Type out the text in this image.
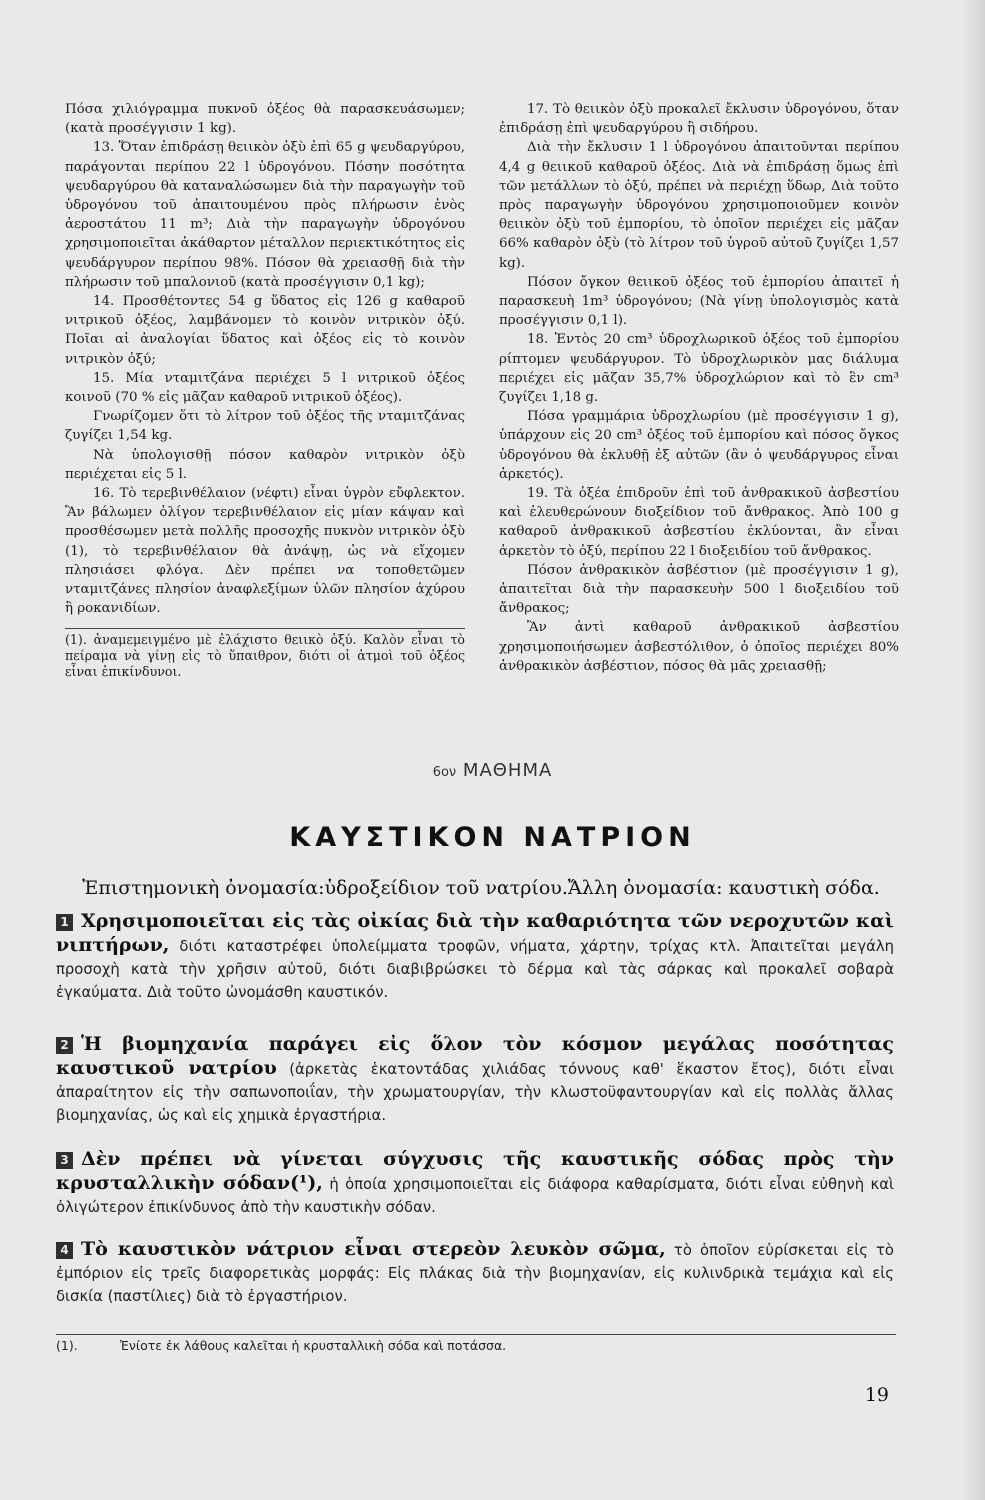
Πόσα χιλιόγραμμα πυκνοῦ ὀξέος θὰ παρασκευάσωμεν; (κατὰ προσέγγισιν 1 kg).

13. Ὅταν ἐπιδράσῃ θειικὸν ὀξὺ ἐπὶ 65 g ψευδαργύρου, παράγονται περίπου 22 l ὑδρογόνου. Πόσην ποσότητα ψευδαργύρου θὰ καταναλώσωμεν διὰ τὴν παραγωγὴν τοῦ ὑδρογόνου τοῦ ἀπαιτουμένου πρὸς πλήρωσιν ἑνὸς ἀεροστάτου 11 m³; Διὰ τὴν παραγωγὴν ὑδρογόνου χρησιμοποιεῖται ἀκάθαρτον μέταλλον περιεκτικότητος εἰς ψευδάργυρον περίπου 98%. Πόσον θὰ χρειασθῇ διὰ τὴν πλήρωσιν τοῦ μπαλονιοῦ (κατὰ προσέγγισιν 0,1 kg);

14. Προσθέτοντες 54 g ὕδατος εἰς 126 g καθαροῦ νιτρικοῦ ὀξέος, λαμβάνομεν τὸ κοινὸν νιτρικὸν ὀξύ. Ποῖαι αἱ ἀναλογίαι ὕδατος καὶ ὀξέος εἰς τὸ κοινὸν νιτρικὸν ὀξύ;

15. Μία νταμιτζάνα περιέχει 5 l νιτρικοῦ ὀξέος κοινοῦ (70 % εἰς μᾶζαν καθαροῦ νιτρικοῦ ὀξέος).

Γνωρίζομεν ὅτι τὸ λίτρον τοῦ ὀξέος τῆς νταμιτζάνας ζυγίζει 1,54 kg.

Νὰ ὑπολογισθῇ πόσον καθαρὸν νιτρικὸν ὀξὺ περιέχεται εἰς 5 l.

16. Τὸ τερεβινθέλαιον (νέφτι) εἶναι ὑγρὸν εὔφλεκτον. Ἂν βάλωμεν ὀλίγον τερεβινθέλαιον εἰς μίαν κάψαν καὶ προσθέσωμεν μετὰ πολλῆς προσοχῆς πυκνὸν νιτρικὸν ὀξὺ (1), τὸ τερεβινθέλαιον θὰ ἀνάψῃ, ὡς νὰ εἴχομεν πλησιάσει φλόγα. Δὲν πρέπει να τοποθετῶμεν νταμιτζάνες πλησίον ἀναφλεξίμων ὑλῶν πλησίον ἀχύρου ἢ ροκανιδίων.

(1). ἀναμεμειγμένο μὲ ἐλάχιστο θειικὸ ὀξύ. Καλὸν εἶναι τὸ πείραμα νὰ γίνῃ εἰς τὸ ὕπαιθρον, διότι οἱ ἀτμοὶ τοῦ ὀξέος εἶναι ἐπικίνδυνοι.

17. Τὸ θειικὸν ὀξὺ προκαλεῖ ἔκλυσιν ὑδρογόνου, ὅταν ἐπιδράσῃ ἐπὶ ψευδαργύρου ἢ σιδήρου.

Διὰ τὴν ἔκλυσιν 1 l ὑδρογόνου ἀπαιτοῦνται περίπου 4,4 g θειικοῦ καθαροῦ ὀξέος. Διὰ νὰ ἐπιδράσῃ ὅμως ἐπὶ τῶν μετάλλων τὸ ὀξύ, πρέπει νὰ περιέχῃ ὕδωρ, Διὰ τοῦτο πρὸς παραγωγὴν ὑδρογόνου χρησιμοποιοῦμεν κοινὸν θειικὸν ὀξὺ τοῦ ἐμπορίου, τὸ ὁποῖον περιέχει εἰς μᾶζαν 66% καθαρὸν ὀξὺ (τὸ λίτρον τοῦ ὑγροῦ αὐτοῦ ζυγίζει 1,57 kg).

Πόσον ὄγκον θειικοῦ ὀξέος τοῦ ἐμπορίου ἀπαιτεῖ ἡ παρασκευὴ 1m³ ὑδρογόνου; (Νὰ γίνῃ ὑπολογισμὸς κατὰ προσέγγισιν 0,1 l).

18. Ἐντὸς 20 cm³ ὑδροχλωρικοῦ ὀξέος τοῦ ἐμπορίου ρίπτομεν ψευδάργυρον. Τὸ ὑδροχλωρικὸν μας διάλυμα περιέχει εἰς μᾶζαν 35,7% ὑδροχλώριον καὶ τὸ ἓν cm³ ζυγίζει 1,18 g.

Πόσα γραμμάρια ὑδροχλωρίου (μὲ προσέγγισιν 1 g), ὑπάρχουν εἰς 20 cm³ ὀξέος τοῦ ἐμπορίου καὶ πόσος ὄγκος ὑδρογόνου θὰ ἐκλυθῇ ἐξ αὐτῶν (ἂν ὁ ψευδάργυρος εἶναι ἀρκετός).

19. Τὰ ὀξέα ἐπιδροῦν ἐπὶ τοῦ ἀνθρακικοῦ ἀσβεστίου καὶ ἐλευθερώνουν διοξείδιον τοῦ ἄνθρακος. Ἀπὸ 100 g καθαροῦ ἀνθρακικοῦ ἀσβεστίου ἐκλύονται, ἂν εἶναι ἀρκετὸν τὸ ὀξύ, περίπου 22 l διοξειδίου τοῦ ἄνθρακος.

Πόσον ἀνθρακικὸν ἀσβέστιον (μὲ προσέγγισιν 1 g), ἀπαιτεῖται διὰ τὴν παρασκευὴν 500 l διοξειδίου τοῦ ἄνθρακος;

Ἂν ἀντὶ καθαροῦ ἀνθρακικοῦ ἀσβεστίου χρησιμοποιήσωμεν ἀσβεστόλιθον, ὁ ὁποῖος περιέχει 80% ἀνθρακικὸν ἀσβέστιον, πόσος θὰ μᾶς χρειασθῇ;

6ον ΜΑΘΗΜΑ
ΚΑΥΣΤΙΚΟΝ ΝΑΤΡΙΟΝ
Ἐπιστημονικὴ ὀνομασία:ὑδροξείδιον τοῦ νατρίου.Ἄλλη ὀνομασία: καυστικὴ σόδα.
1 Χρησιμοποιεῖται εἰς τὰς οἰκίας διὰ τὴν καθαριότητα τῶν νεροχυτῶν καὶ νιπτήρων, διότι καταστρέφει ὑπολείμματα τροφῶν, νήματα, χάρτην, τρίχας κτλ. Ἀπαιτεῖται μεγάλη προσοχὴ κατὰ τὴν χρῆσιν αὐτοῦ, διότι διαβιβρώσκει τὸ δέρμα καὶ τὰς σάρκας καὶ προκαλεῖ σοβαρὰ ἐγκαύματα. Διὰ τοῦτο ὠνομάσθη καυστικόν.
2 Ἡ βιομηχανία παράγει εἰς ὅλον τὸν κόσμον μεγάλας ποσότητας καυστικοῦ νατρίου (ἀρκετὰς ἑκατοντάδας χιλιάδας τόννους καθ' ἕκαστον ἔτος), διότι εἶναι ἀπαραίτητον εἰς τὴν σαπωνοποιΐαν, τὴν χρωματουργίαν, τὴν κλωστοϋφαντουργίαν καὶ εἰς πολλὰς ἄλλας βιομηχανίας, ὡς καὶ εἰς χημικὰ ἐργαστήρια.
3 Δὲν πρέπει νὰ γίνεται σύγχυσις τῆς καυστικῆς σόδας πρὸς τὴν κρυσταλλικὴν σόδαν(¹), ἡ ὁποία χρησιμοποιεῖται εἰς διάφορα καθαρίσματα, διότι εἶναι εὐθηνὴ καὶ ὀλιγώτερον ἐπικίνδυνος ἀπὸ τὴν καυστικὴν σόδαν.
4 Τὸ καυστικὸν νάτριον εἶναι στερεὸν λευκὸν σῶμα, τὸ ὁποῖον εὑρίσκεται εἰς τὸ ἐμπόριον εἰς τρεῖς διαφορετικὰς μορφάς: Εἰς πλάκας διὰ τὴν βιομηχανίαν, εἰς κυλινδρικὰ τεμάχια καὶ εἰς δισκία (παστίλιες) διὰ τὸ ἐργαστήριον.
(1).	Ἐνίοτε ἐκ λάθους καλεῖται ἡ κρυσταλλικὴ σόδα καὶ ποτάσσα.
19
